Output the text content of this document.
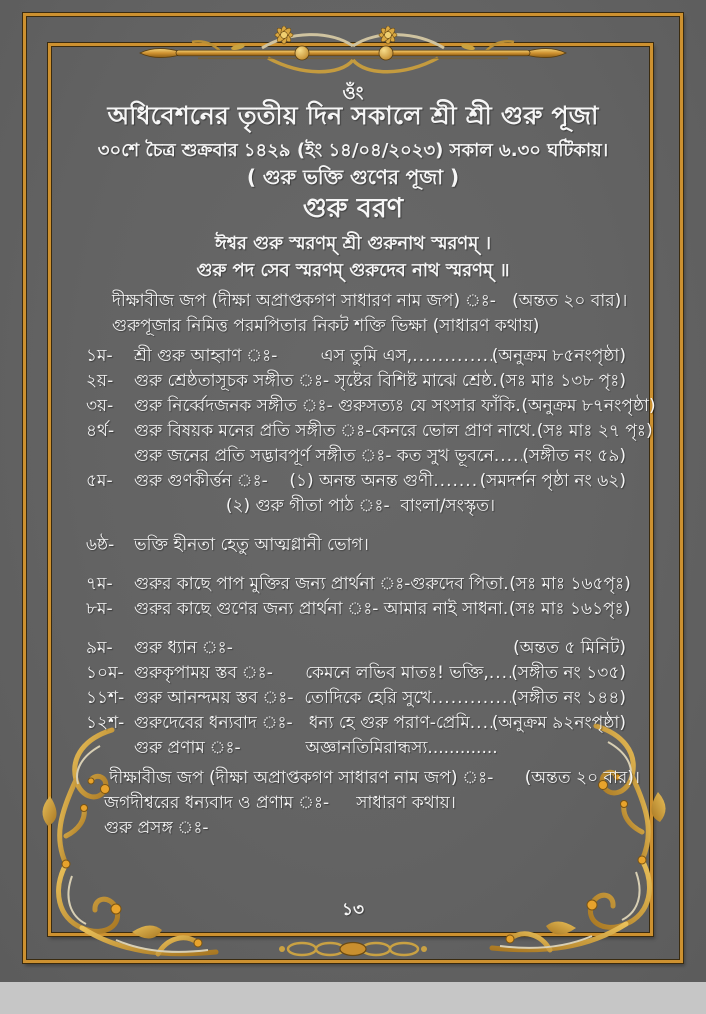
ওঁং
অধিবেশনের তৃতীয় দিন সকালে শ্রী শ্রী গুরু পূজা
৩০শে চৈত্র শুক্রবার ১৪২৯ (ইং ১৪/০৪/২০২৩) সকাল ৬.৩০ ঘটিকায়।
( গুরু ভক্তি গুণের পূজা )
গুরু বরণ
ঈশ্বর গুরু স্মরণম্ শ্রী গুরুনাথ স্মরণম্ ।
গুরু পদ সেব স্মরণম্ গুরুদেব নাথ স্মরণম্ ॥
দীক্ষাবীজ জপ (দীক্ষা অপ্রাপ্তকগণ সাধারণ নাম জপ) ঃ-   (অন্তত ২০ বার)।
গুরুপূজার নিমিত্ত পরমপিতার নিকট শক্তি ভিক্ষা (সাধারণ কথায়)
১ম-	শ্রী গুরু আহ্বাণ ঃ-        এস তুমি এস, .....	(অনুক্রম ৮৫নংপৃষ্ঠা)
২য়-	গুরু শ্রেষ্ঠতাসূচক সঙ্গীত ঃ- সৃষ্টের বিশিষ্ট মাঝে শ্রেষ্ঠ ..... (সঃ মাঃ ১৩৮ পৃঃ)
৩য়-	গুরু নির্ব্বেদজনক সঙ্গীত ঃ- গুরুসত্যঃ যে সংসার ফাঁকি ..... (অনুক্রম ৮৭নংপৃষ্ঠা)
৪র্থ-	গুরু বিষয়ক মনের প্রতি সঙ্গীত ঃ-কেনরে ভোল প্রাণ নাথে ..... (সঃ মাঃ ২৭ পৃঃ)
গুরু জনের প্রতি সদ্ভাবপূর্ণ সঙ্গীত ঃ- কত সুখ ভূবনে ..... (সঙ্গীত নং ৫৯)
৫ম-	গুরু গুণকীর্ত্তন ঃ-    (১) অনন্ত অনন্ত গুণী .....	(সমদর্শন পৃষ্ঠা নং ৬২)
(২) গুরু গীতা পাঠ ঃ-  বাংলা/সংস্কৃত।
৬ষ্ঠ-	ভক্তি হীনতা হেতু আত্মগ্লানী ভোগ।
৭ম-	গুরুর কাছে পাপ মুক্তির জন্য প্রার্থনা ঃ-গুরুদেব পিতা ..... (সঃ মাঃ ১৬৫পৃঃ)
৮ম-	গুরুর কাছে গুণের জন্য প্রার্থনা ঃ- আমার নাই সাধনা ..... (সঃ মাঃ ১৬১পৃঃ)
৯ম-	গুরু ধ্যান ঃ-	(অন্তত ৫ মিনিট)
১০ম- গুরুকৃপাময় স্তব ঃ-      কেমনে লভিব মাতঃ! ভক্তি, ..... (সঙ্গীত নং ১৩৫)
১১শ- গুরু আনন্দময় স্তব ঃ-  তোদিকে হেরি সুখে .....	(সঙ্গীত নং ১৪৪)
১২শ- গুরুদেবের ধন্যবাদ ঃ-   ধন্য হে গুরু পরাণ-প্রেমি ..... (অনুক্রম ৯২নংপৃষ্ঠা)
গুরু প্রণাম ঃ-            অজ্ঞানতিমিরান্ধস্য.............
দীক্ষাবীজ জপ (দীক্ষা অপ্রাপ্তকগণ সাধারণ নাম জপ) ঃ- (অন্তত ২০ বার)।
জগদীশ্বরের ধন্যবাদ ও প্রণাম ঃ-     সাধারণ কথায়।
গুরু প্রসঙ্গ ঃ-
১৩
